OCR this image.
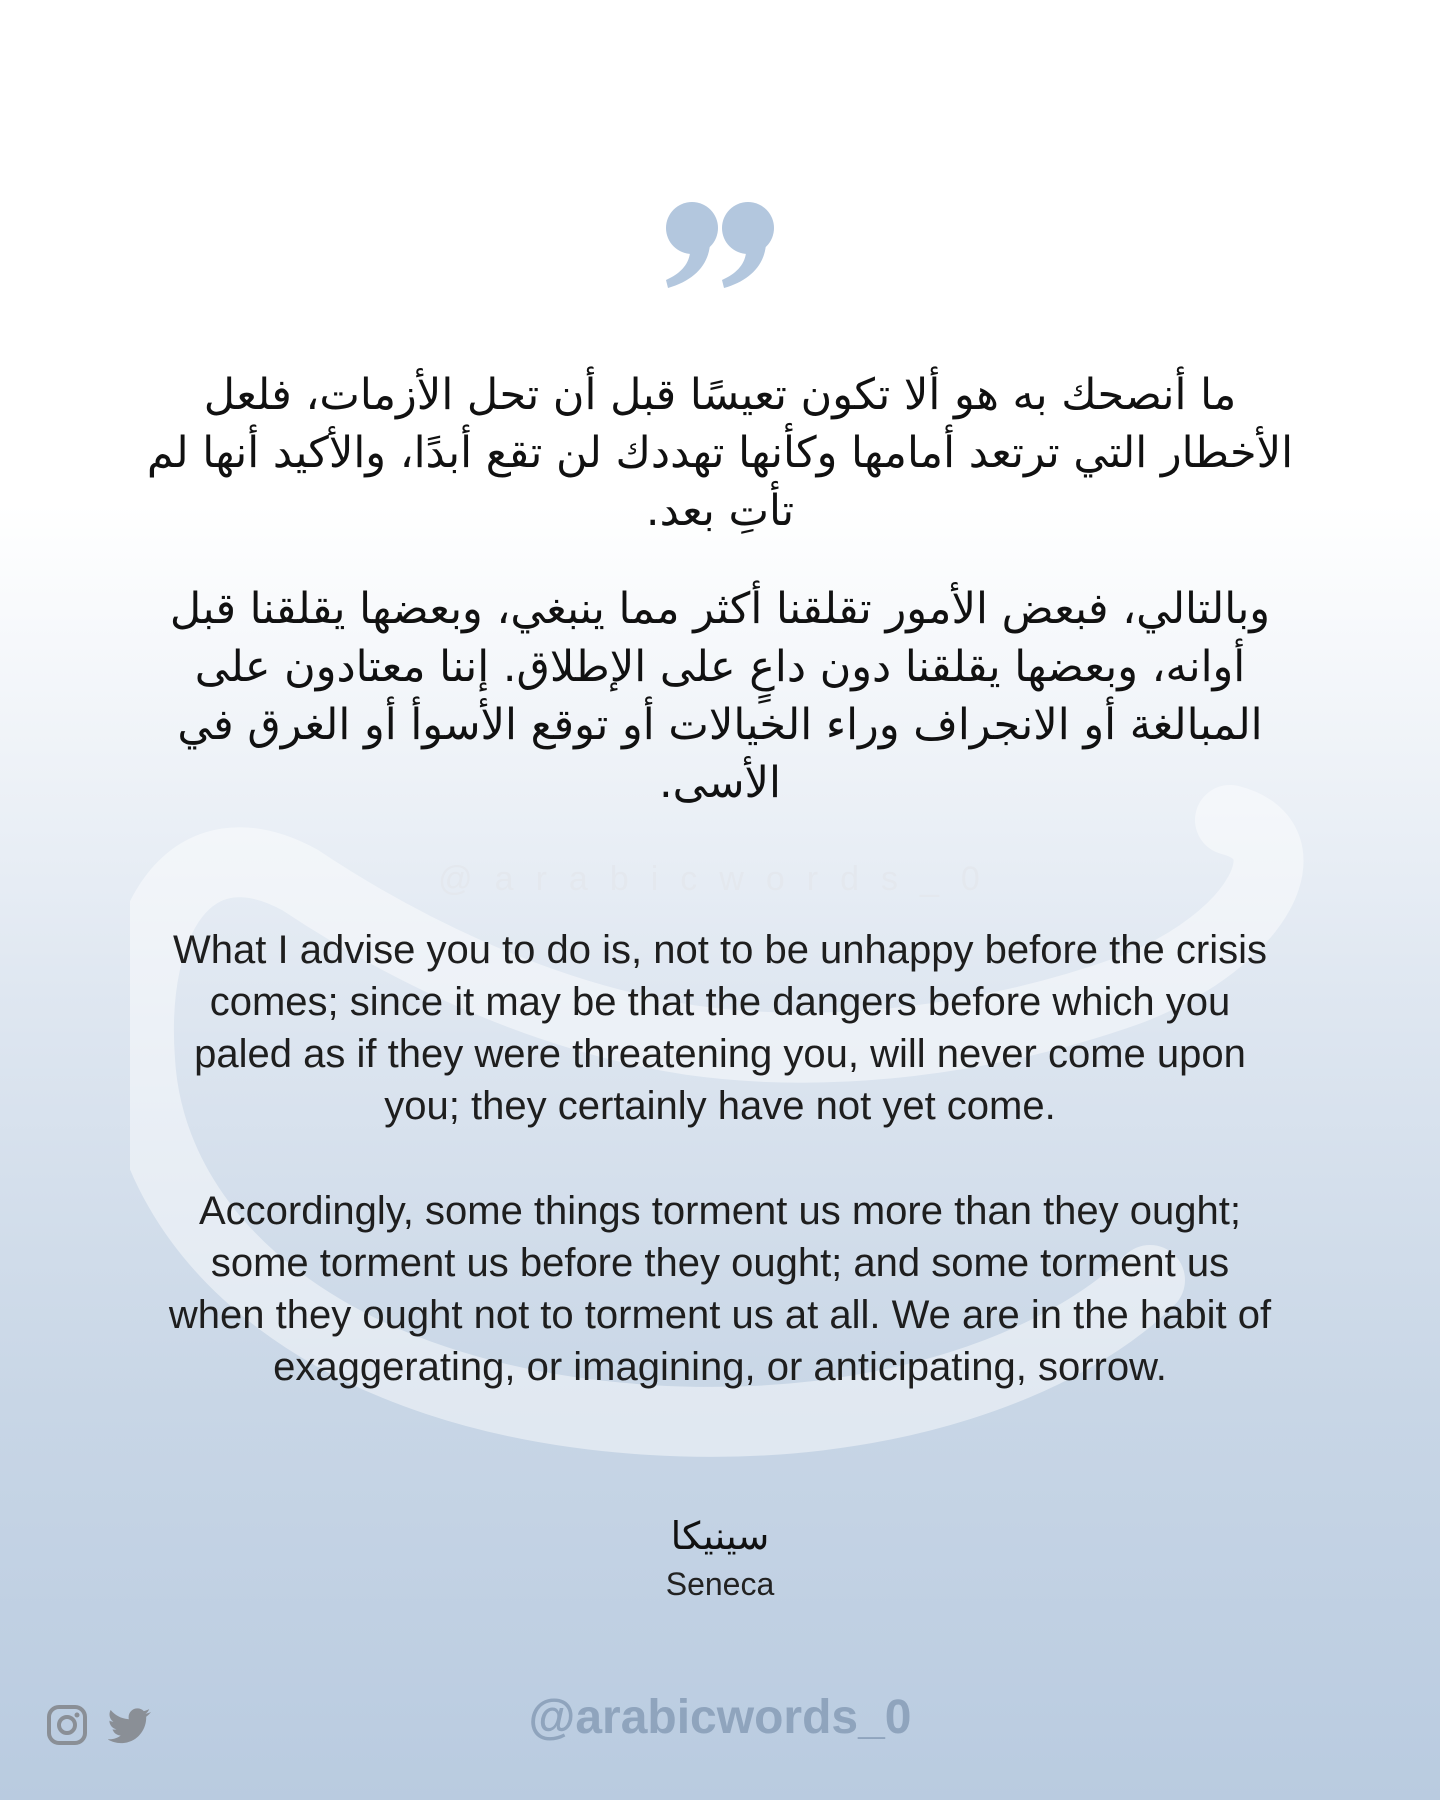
ما أنصحك به هو ألا تكون تعيسًا قبل أن تحل الأزمات، فلعل الأخطار التي ترتعد أمامها وكأنها تهددك لن تقع أبدًا، والأكيد أنها لم تأتِ بعد.

وبالتالي، فبعض الأمور تقلقنا أكثر مما ينبغي، وبعضها يقلقنا قبل أوانه، وبعضها يقلقنا دون داعٍ على الإطلاق. إننا معتادون على المبالغة أو الانجراف وراء الخيالات أو توقع الأسوأ أو الغرق في الأسى.

@arabicwords_0

What I advise you to do is, not to be unhappy before the crisis comes; since it may be that the dangers before which you paled as if they were threatening you, will never come upon you; they certainly have not yet come.

Accordingly, some things torment us more than they ought; some torment us before they ought; and some torment us when they ought not to torment us at all. We are in the habit of exaggerating, or imagining, or anticipating, sorrow.

سينيكا
Seneca
@arabicwords_0
